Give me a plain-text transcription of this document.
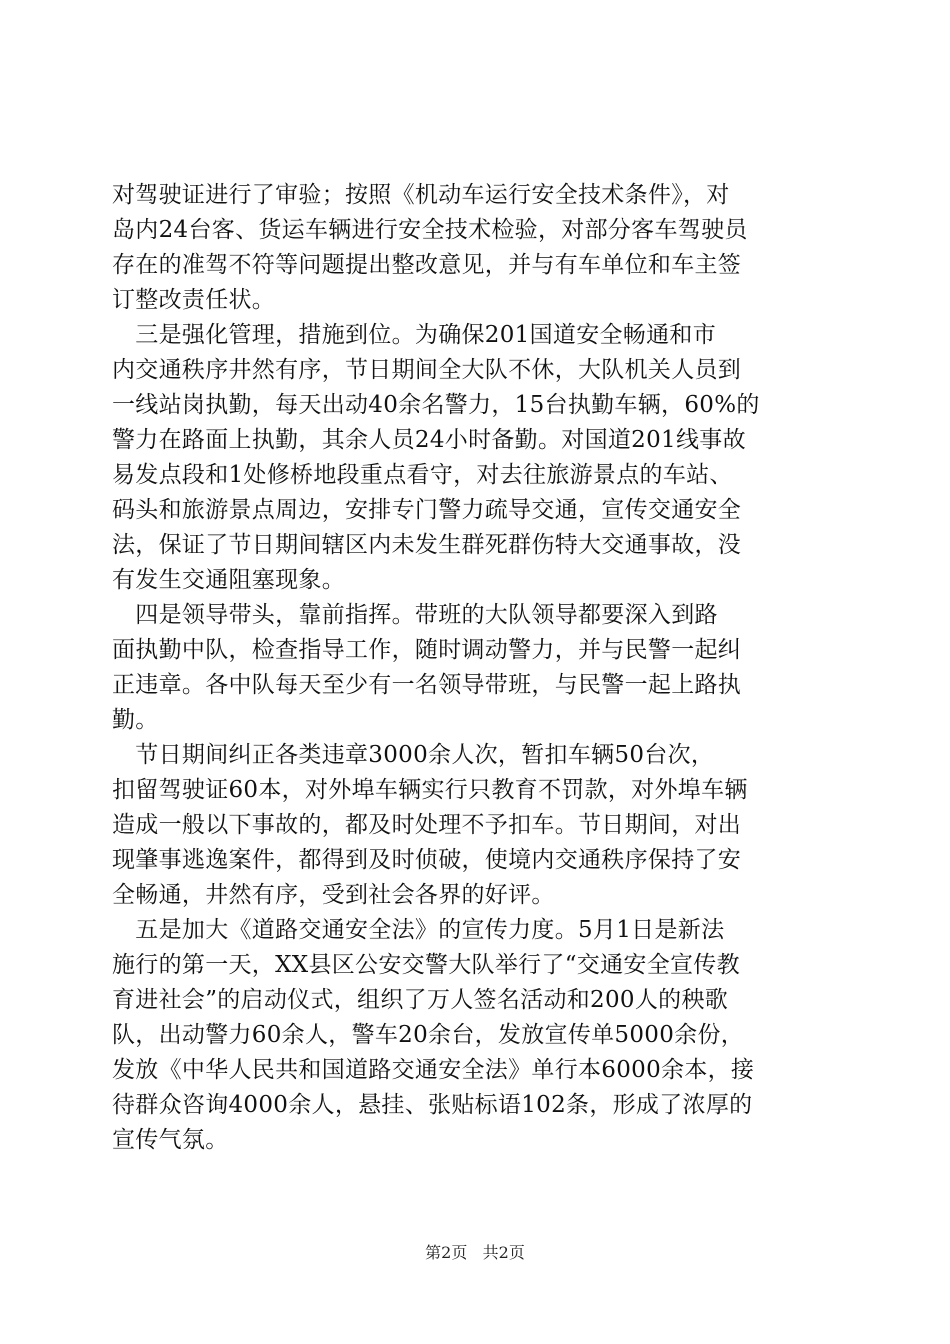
对驾驶证进行了审验；按照《机动车运行安全技术条件》，对
岛内24台客、货运车辆进行安全技术检验，对部分客车驾驶员
存在的准驾不符等问题提出整改意见，并与有车单位和车主签
订整改责任状。
　三是强化管理，措施到位。为确保201国道安全畅通和市
内交通秩序井然有序，节日期间全大队不休，大队机关人员到
一线站岗执勤，每天出动40余名警力，15台执勤车辆，60%的
警力在路面上执勤，其余人员24小时备勤。对国道201线事故
易发点段和1处修桥地段重点看守，对去往旅游景点的车站、
码头和旅游景点周边，安排专门警力疏导交通，宣传交通安全
法，保证了节日期间辖区内未发生群死群伤特大交通事故，没
有发生交通阻塞现象。
　四是领导带头，靠前指挥。带班的大队领导都要深入到路
面执勤中队，检查指导工作，随时调动警力，并与民警一起纠
正违章。各中队每天至少有一名领导带班，与民警一起上路执
勤。
　节日期间纠正各类违章3000余人次，暂扣车辆50台次，
扣留驾驶证60本，对外埠车辆实行只教育不罚款，对外埠车辆
造成一般以下事故的，都及时处理不予扣车。节日期间，对出
现肇事逃逸案件，都得到及时侦破，使境内交通秩序保持了安
全畅通，井然有序，受到社会各界的好评。
　五是加大《道路交通安全法》的宣传力度。5月1日是新法
施行的第一天，XX县区公安交警大队举行了“交通安全宣传教
育进社会”的启动仪式，组织了万人签名活动和200人的秧歌
队，出动警力60余人，警车20余台，发放宣传单5000余份，
发放《中华人民共和国道路交通安全法》单行本6000余本，接
待群众咨询4000余人，悬挂、张贴标语102条，形成了浓厚的
宣传气氛。
第2页 共2页
